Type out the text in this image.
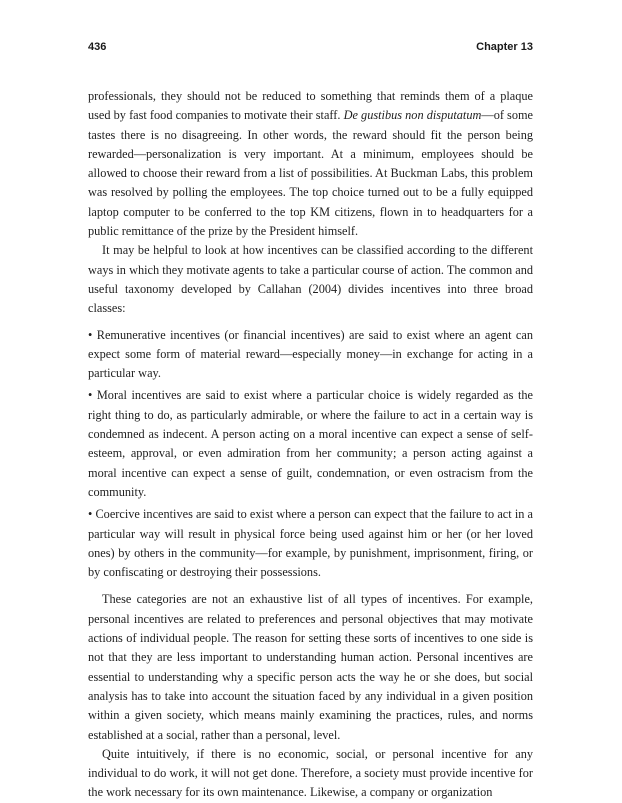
436	Chapter 13

professionals, they should not be reduced to something that reminds them of a plaque used by fast food companies to motivate their staff. De gustibus non disputatum—of some tastes there is no disagreeing. In other words, the reward should fit the person being rewarded—personalization is very important. At a minimum, employees should be allowed to choose their reward from a list of possibilities. At Buckman Labs, this problem was resolved by polling the employees. The top choice turned out to be a fully equipped laptop computer to be conferred to the top KM citizens, flown in to headquarters for a public remittance of the prize by the President himself.

It may be helpful to look at how incentives can be classified according to the different ways in which they motivate agents to take a particular course of action. The common and useful taxonomy developed by Callahan (2004) divides incentives into three broad classes:

• Remunerative incentives (or financial incentives) are said to exist where an agent can expect some form of material reward—especially money—in exchange for acting in a particular way.
• Moral incentives are said to exist where a particular choice is widely regarded as the right thing to do, as particularly admirable, or where the failure to act in a certain way is condemned as indecent. A person acting on a moral incentive can expect a sense of self-esteem, approval, or even admiration from her community; a person acting against a moral incentive can expect a sense of guilt, condemnation, or even ostracism from the community.
• Coercive incentives are said to exist where a person can expect that the failure to act in a particular way will result in physical force being used against him or her (or her loved ones) by others in the community—for example, by punishment, imprisonment, firing, or by confiscating or destroying their possessions.

These categories are not an exhaustive list of all types of incentives. For example, personal incentives are related to preferences and personal objectives that may motivate actions of individual people. The reason for setting these sorts of incentives to one side is not that they are less important to understanding human action. Personal incentives are essential to understanding why a specific person acts the way he or she does, but social analysis has to take into account the situation faced by any individual in a given position within a given society, which means mainly examining the practices, rules, and norms established at a social, rather than a personal, level.

Quite intuitively, if there is no economic, social, or personal incentive for any individual to do work, it will not get done. Therefore, a society must provide incentive for the work necessary for its own maintenance. Likewise, a company or organization
